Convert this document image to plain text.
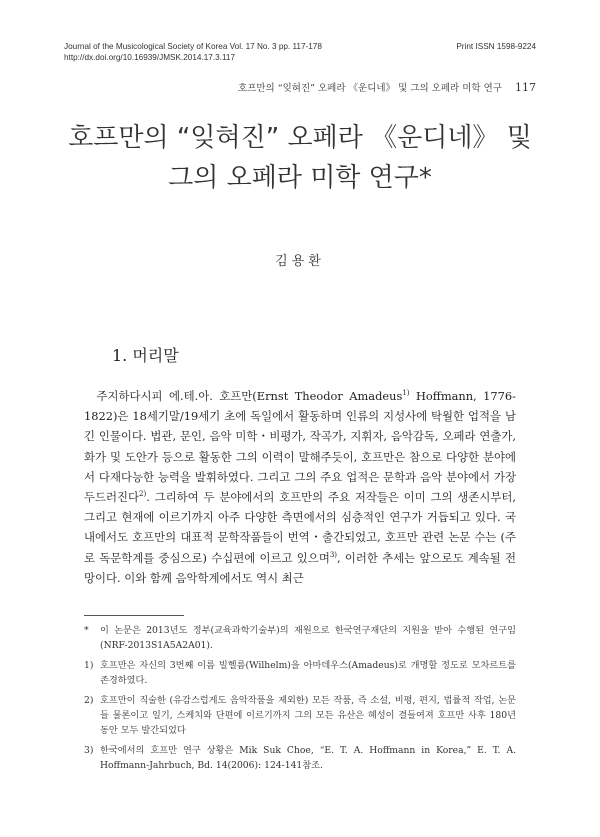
Journal of the Musicological Society of Korea Vol. 17 No. 3 pp. 117-178
http://dx.doi.org/10.16939/JMSK.2014.17.3.117
Print ISSN 1598-9224
호프만의 “잊혀진” 오페라 《운디네》 및 그의 오페라 미학 연구 117
호프만의 “잊혀진” 오페라 《운디네》 및
그의 오페라 미학 연구*
김용환
1. 머리말

주지하다시피 에.테.아. 호프만(Ernst Theodor Amadeus$^{1)}$ Hoffmann, 1776-1822)은 18세기말/19세기 초에 독일에서 활동하며 인류의 지성사에 탁월한 업적을 남긴 인물이다. 법관, 문인, 음악 미학・비평가, 작곡가, 지휘자, 음악감독, 오페라 연출가, 화가 및 도안가 등으로 활동한 그의 이력이 말해주듯이, 호프만은 참으로 다양한 분야에서 다재다능한 능력을 발휘하였다. 그리고 그의 주요 업적은 문학과 음악 분야에서 가장 두드러진다$^{2)}$. 그리하여 두 분야에서의 호프만의 주요 저작들은 이미 그의 생존시부터, 그리고 현재에 이르기까지 아주 다양한 측면에서의 심층적인 연구가 거듭되고 있다. 국내에서도 호프만의 대표적 문학작품들이 번역・출간되었고, 호프만 관련 논문 수는 (주로 독문학계를 중심으로) 수십편에 이르고 있으며$^{3)}$, 이러한 추세는 앞으로도 계속될 전망이다. 이와 함께 음악학계에서도 역시 최근

* 이 논문은 2013년도 정부(교육과학기술부)의 재원으로 한국연구재단의 지원을 받아 수행된 연구임(NRF-2013S1A5A2A01).
1) 호프만은 자신의 3번째 이름 빌헬름(Wilhelm)을 아마데우스(Amadeus)로 개명할 정도로 모차르트를 존경하였다.
2) 호프만이 직술한 (유감스럽게도 음악작품을 제외한) 모든 작품, 즉 소설, 비평, 편지, 법률적 작업, 논문 들 물론이고 일기, 스케치와 단편에 이르기까지 그의 모든 유산은 혜성이 결들여져 호프만 사후 180년 동안 모두 발간되었다
3) 한국에서의 호프만 연구 상황은 Mik Suk Choe, “E. T. A. Hoffmann in Korea,” E. T. A. Hoffmann-Jahrbuch, Bd. 14(2006): 124-141참조.
